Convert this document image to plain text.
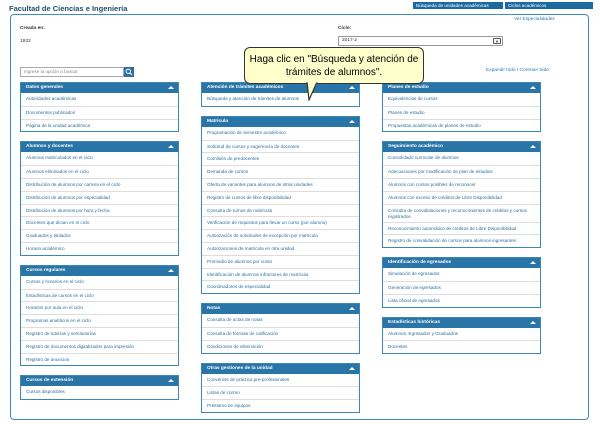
Facultad de Ciencias e Ingeniería	Búsqueda de unidades académicas	Ciclos académicos
Creada en:
1933
Ciclo:
Ver Especialidades
2017-2	▾
Ingrese la opción a buscar	Expandir todo / Contraer todo
Datos generales
Autoridades académicas
Documentos publicados
Página de la unidad académica
Alumnos y docentes
Alumnos matriculados en el ciclo
Alumnos eliminados en el ciclo
Distribución de alumnos por carrera en el ciclo
Distribución de alumnos por especialidad
Distribución de alumnos por hora y fecha
Docentes que dictan en el ciclo
Graduados y titulados
Horario académico
Cursos regulares
Cursos y horarios en el ciclo
Estadísticas de cursos en el ciclo
Horarios por aula en el ciclo
Programas analíticos en el ciclo
Registro de tutorías y semitutorías
Registro de documentos digitalizados para impresión
Registro de anuncios
Cursos de extensión
Cursos disponibles
Atención de trámites académicos
Búsqueda y atención de trámites de alumnos
Matrícula
Programación de semestre académico
Solicitud de cursos y sugerencia de docentes
Comisión de predocentes
Demanda de cursos
Oferta de vacantes para alumnos de otras unidades
Registro de cursos de libre disponibilidad
Consulta de turnos de matrícula
Verificación de requisitos para llevar un curso (por alumno)
Autorización de solicitudes de excepción por matrícula
Autorizaciones de matrícula en otra unidad
Promedio de alumnos por curso
Identificación de alumnos infractores de matrícula
Coordinadores de especialidad
Notas
Consulta de actas de notas
Consulta de fórmula de calificación
Condiciones de eliminación
Otras gestiones de la unidad
Convenios de práctica pre-profesionales
Listas de correo
Préstamo de equipos
Planes de estudio
Equivalencias de cursos
Planes de estudio
Propuestas académicas de planes de estudio
Seguimiento académico
Consolidado curricular de alumnos
Adecuaciones por modificación de plan de estudios
Alumnos con cursos posibles de reconocer
Alumnos con exceso de créditos de Libre Disponibilidad
Consulta de convalidaciones y reconocimientos de créditos y cursos registrados
Reconocimiento automático de créditos de Libre Disponibilidad
Registro de convalidación de cursos para alumnos ingresantes
Identificación de egresados
Simulación de egresados
Generación de egresados
Lista oficial de egresados
Estadísticas históricas
Alumnos, Egresados y Graduados
Docentes
Haga clic en "Búsqueda y atención de trámites de alumnos".
